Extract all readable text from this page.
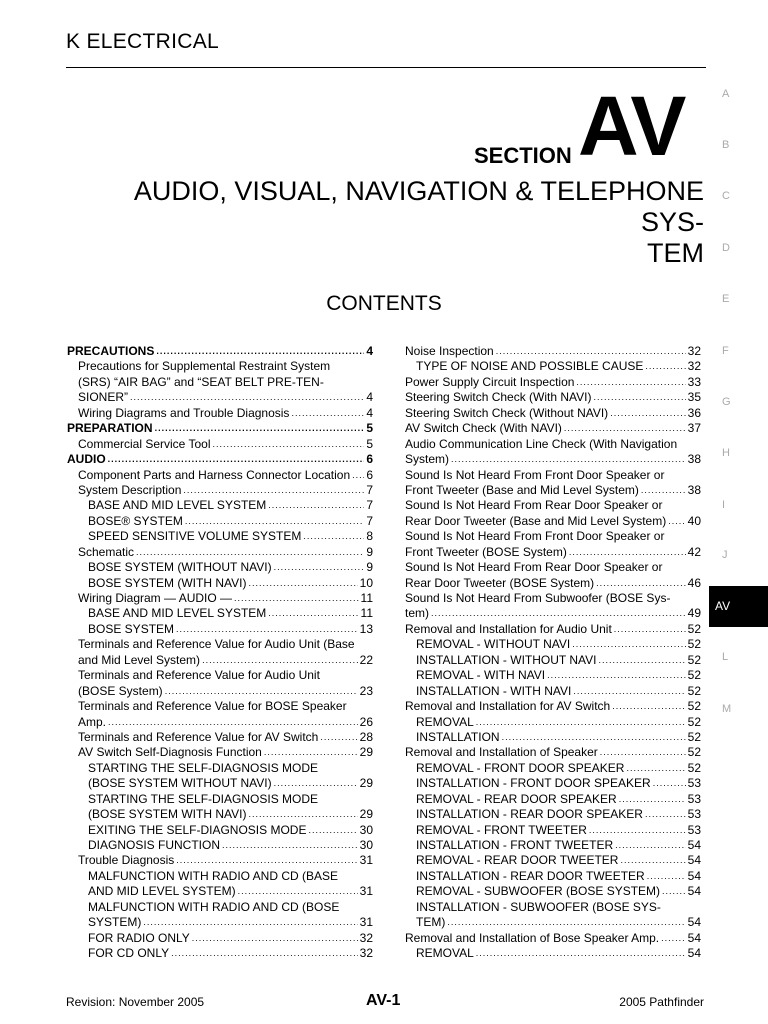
K ELECTRICAL
SECTION AV
AUDIO, VISUAL, NAVIGATION & TELEPHONE SYS-
TEM
CONTENTS
PRECAUTIONS .....	4
Precautions for Supplemental Restraint System
(SRS) “AIR BAG” and “SEAT BELT PRE-TEN-
SIONER” .....	4
Wiring Diagrams and Trouble Diagnosis .....	4
PREPARATION .....	5
Commercial Service Tool .....	5
AUDIO .....	6
Component Parts and Harness Connector Location ..... 6
System Description .....	7
BASE AND MID LEVEL SYSTEM .....	7
BOSE® SYSTEM .....	7
SPEED SENSITIVE VOLUME SYSTEM .....	8
Schematic .....	9
BOSE SYSTEM (WITHOUT NAVI) .....	9
BOSE SYSTEM (WITH NAVI) .....	10
Wiring Diagram — AUDIO — .....	11
BASE AND MID LEVEL SYSTEM .....	11
BOSE SYSTEM .....	13
Terminals and Reference Value for Audio Unit (Base
and Mid Level System) .....	22
Terminals and Reference Value for Audio Unit
(BOSE System) .....	23
Terminals and Reference Value for BOSE Speaker
Amp. .....	26
Terminals and Reference Value for AV Switch .....	28
AV Switch Self-Diagnosis Function .....	29
STARTING THE SELF-DIAGNOSIS MODE
(BOSE SYSTEM WITHOUT NAVI) .....	29
STARTING THE SELF-DIAGNOSIS MODE
(BOSE SYSTEM WITH NAVI) .....	29
EXITING THE SELF-DIAGNOSIS MODE .....	30
DIAGNOSIS FUNCTION .....	30
Trouble Diagnosis .....	31
MALFUNCTION WITH RADIO AND CD (BASE
AND MID LEVEL SYSTEM) .....	31
MALFUNCTION WITH RADIO AND CD (BOSE
SYSTEM) .....	31
FOR RADIO ONLY .....	32
FOR CD ONLY .....	32
Noise Inspection .....	32
TYPE OF NOISE AND POSSIBLE CAUSE .....	32
Power Supply Circuit Inspection .....	33
Steering Switch Check (With NAVI) .....	35
Steering Switch Check (Without NAVI) .....	36
AV Switch Check (With NAVI) .....	37
Audio Communication Line Check (With Navigation
System) .....	38
Sound Is Not Heard From Front Door Speaker or
Front Tweeter (Base and Mid Level System) .....	38
Sound Is Not Heard From Rear Door Speaker or
Rear Door Tweeter (Base and Mid Level System) ..... 40
Sound Is Not Heard From Front Door Speaker or
Front Tweeter (BOSE System) .....	42
Sound Is Not Heard From Rear Door Speaker or
Rear Door Tweeter (BOSE System) .....	46
Sound Is Not Heard From Subwoofer (BOSE Sys-
tem) .....	49
Removal and Installation for Audio Unit .....	52
REMOVAL - WITHOUT NAVI .....	52
INSTALLATION - WITHOUT NAVI .....	52
REMOVAL - WITH NAVI .....	52
INSTALLATION - WITH NAVI .....	52
Removal and Installation for AV Switch .....	52
REMOVAL .....	52
INSTALLATION .....	52
Removal and Installation of Speaker .....	52
REMOVAL - FRONT DOOR SPEAKER .....	52
INSTALLATION - FRONT DOOR SPEAKER .....	53
REMOVAL - REAR DOOR SPEAKER .....	53
INSTALLATION - REAR DOOR SPEAKER .....	53
REMOVAL - FRONT TWEETER .....	53
INSTALLATION - FRONT TWEETER .....	54
REMOVAL - REAR DOOR TWEETER .....	54
INSTALLATION - REAR DOOR TWEETER .....	54
REMOVAL - SUBWOOFER (BOSE SYSTEM) ..... 54
INSTALLATION - SUBWOOFER (BOSE SYS-
TEM) .....	54
Removal and Installation of Bose Speaker Amp. ..... 54
REMOVAL .....	54
A
B
C
D
E
F
G
H
I
J
AV
L
M
Revision: November 2005	AV-1	2005 Pathfinder
